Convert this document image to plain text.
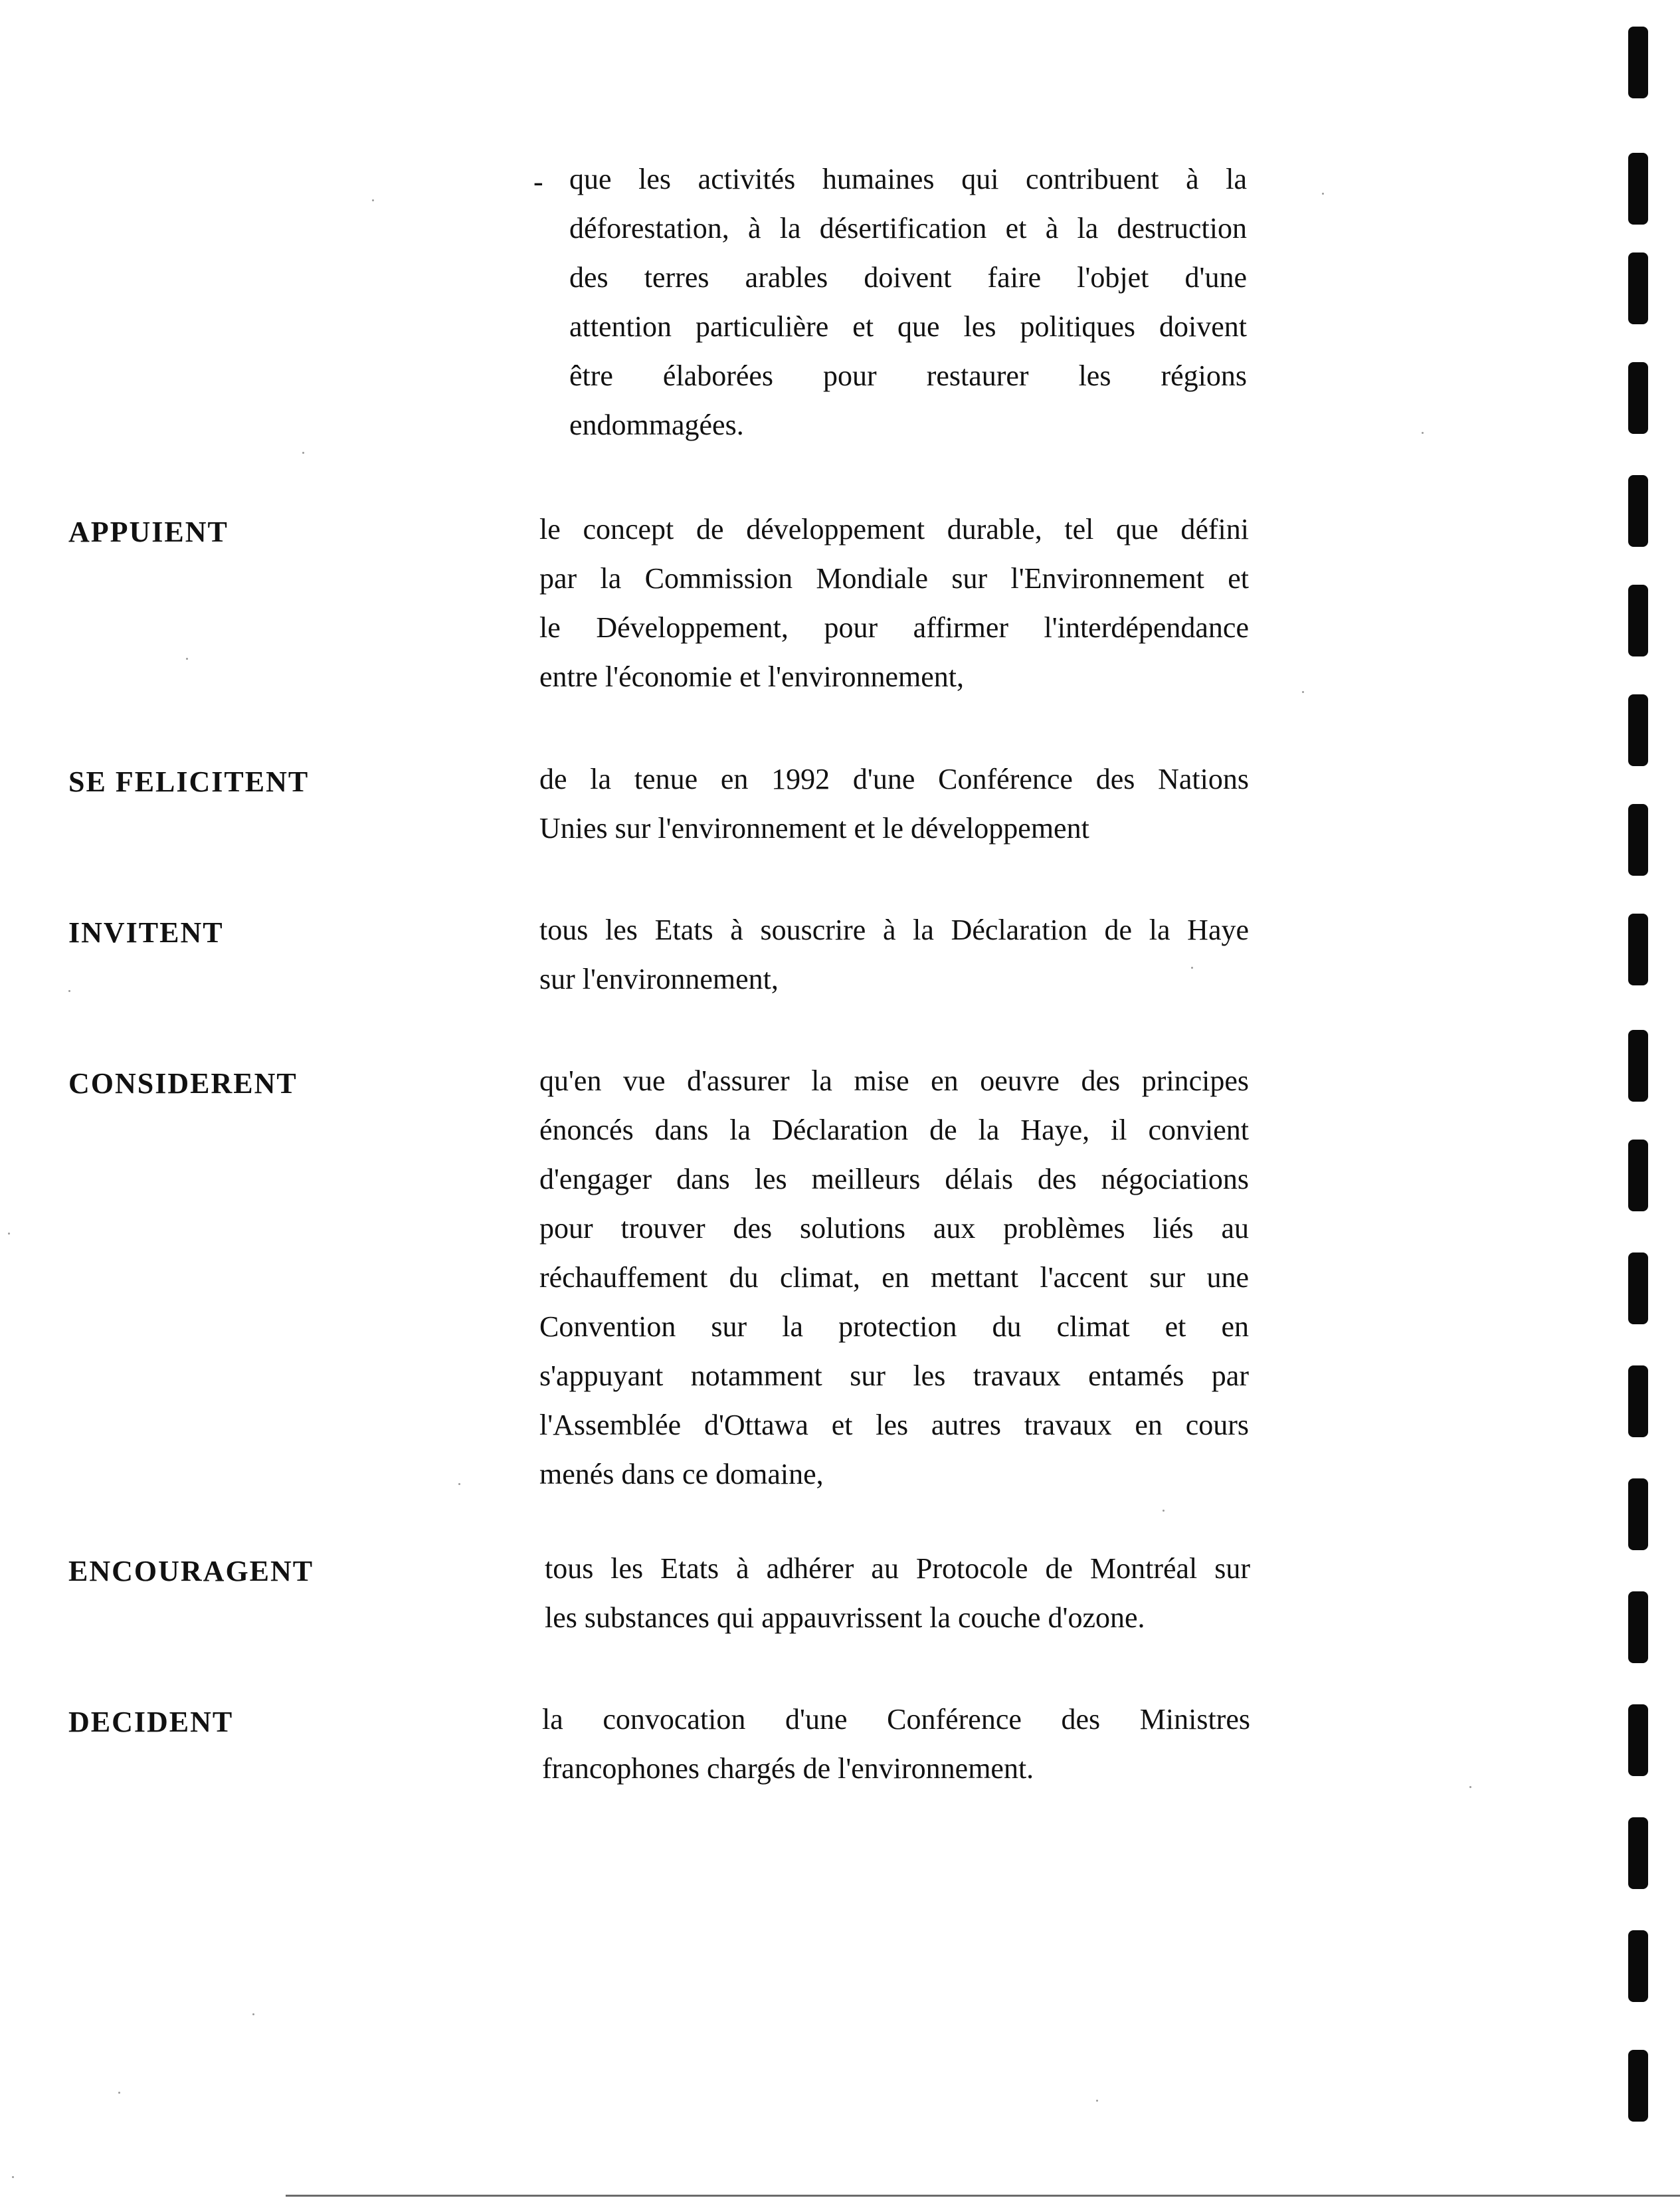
- que les activités humaines qui contribuent à la
déforestation, à la désertification et à la destruction
des terres arables doivent faire l'objet d'une
attention particulière et que les politiques doivent
être élaborées pour restaurer les régions
endommagées.
APPUIENT	le concept de développement durable, tel que défini
par la Commission Mondiale sur l'Environnement et
le Développement, pour affirmer l'interdépendance
entre l'économie et l'environnement,
SE FELICITENT	de la tenue en 1992 d'une Conférence des Nations
Unies sur l'environnement et le développement
INVITENT	tous les Etats à souscrire à la Déclaration de la Haye
sur l'environnement,
CONSIDERENT	qu'en vue d'assurer la mise en oeuvre des principes
énoncés dans la Déclaration de la Haye, il convient
d'engager dans les meilleurs délais des négociations
pour trouver des solutions aux problèmes liés au
réchauffement du climat, en mettant l'accent sur une
Convention sur la protection du climat et en
s'appuyant notamment sur les travaux entamés par
l'Assemblée d'Ottawa et les autres travaux en cours
menés dans ce domaine,
ENCOURAGENT	tous les Etats à adhérer au Protocole de Montréal sur
les substances qui appauvrissent la couche d'ozone.
DECIDENT	la convocation d'une Conférence des Ministres
francophones chargés de l'environnement.
